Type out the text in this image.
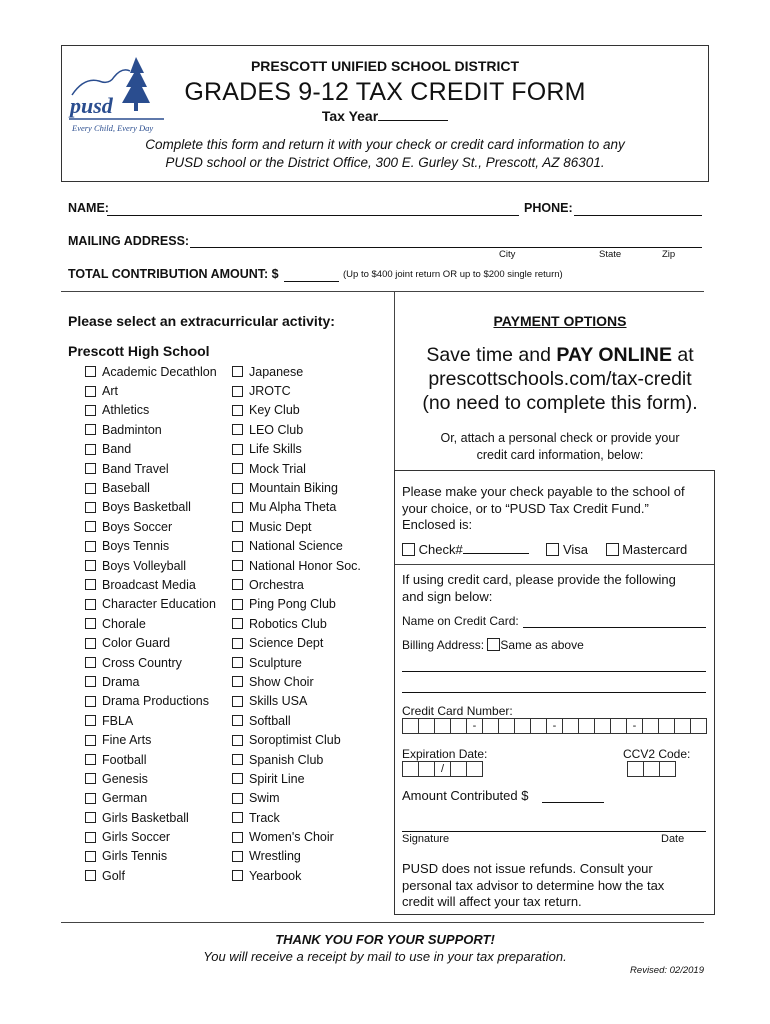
pusd
Every Child, Every Day
PRESCOTT UNIFIED SCHOOL DISTRICT
GRADES 9-12 TAX CREDIT FORM
Tax Year
Complete this form and return it with your check or credit card information to any
PUSD school or the District Office, 300 E. Gurley St., Prescott, AZ 86301.
NAME:	PHONE:
MAILING ADDRESS:
City	State	Zip
TOTAL CONTRIBUTION AMOUNT: $	(Up to $400 joint return OR up to $200 single return)
Please select an extracurricular activity:
Prescott High School
Academic Decathlon
Art
Athletics
Badminton
Band
Band Travel
Baseball
Boys Basketball
Boys Soccer
Boys Tennis
Boys Volleyball
Broadcast Media
Character Education
Chorale
Color Guard
Cross Country
Drama
Drama Productions
FBLA
Fine Arts
Football
Genesis
German
Girls Basketball
Girls Soccer
Girls Tennis
Golf
Japanese
JROTC
Key Club
LEO Club
Life Skills
Mock Trial
Mountain Biking
Mu Alpha Theta
Music Dept
National Science
National Honor Soc.
Orchestra
Ping Pong Club
Robotics Club
Science Dept
Sculpture
Show Choir
Skills USA
Softball
Soroptimist Club
Spanish Club
Spirit Line
Swim
Track
Women's Choir
Wrestling
Yearbook
PAYMENT OPTIONS
Save time and PAY ONLINE at
prescottschools.com/tax-credit
(no need to complete this form).
Or, attach a personal check or provide your
credit card information, below:
Please make your check payable to the school of
your choice, or to “PUSD Tax Credit Fund.”
Enclosed is:
Check#	Visa	Mastercard
If using credit card, please provide the following
and sign below:
Name on Credit Card:
Billing Address: Same as above
Credit Card Number:
-	-	-
Expiration Date:	CCV2 Code:
/
Amount Contributed $
Signature	Date
PUSD does not issue refunds. Consult your
personal tax advisor to determine how the tax
credit will affect your tax return.
THANK YOU FOR YOUR SUPPORT!
You will receive a receipt by mail to use in your tax preparation.
Revised: 02/2019
